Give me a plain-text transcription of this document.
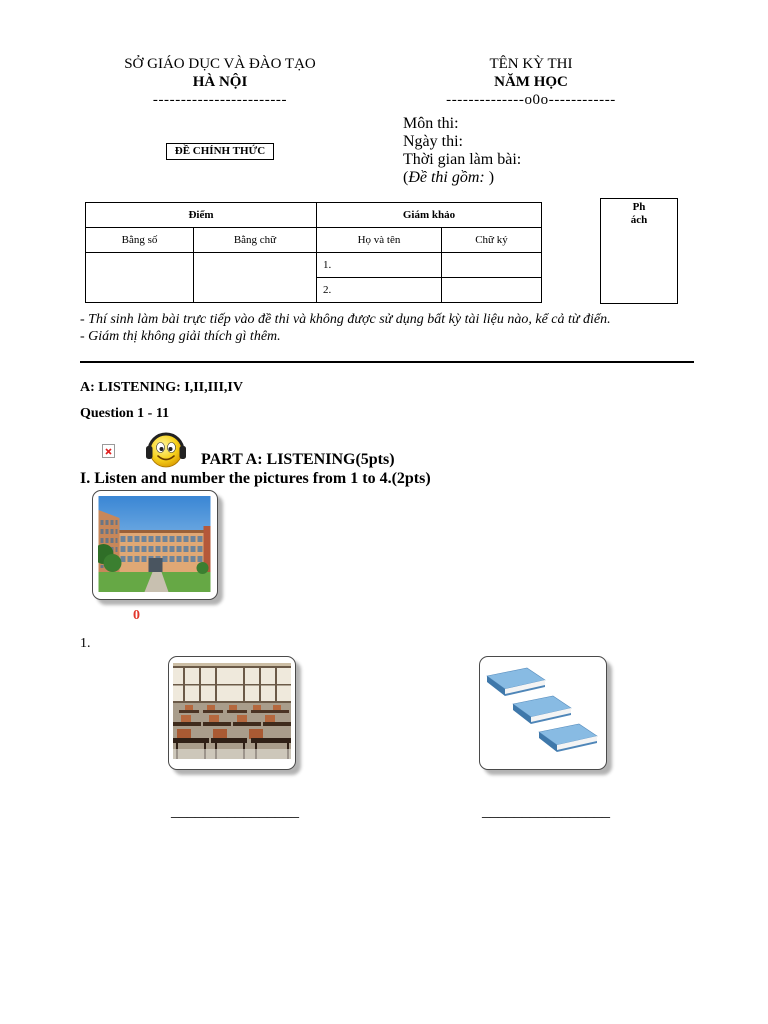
SỞ GIÁO DỤC VÀ ĐÀO TẠO
HÀ NỘI
------------------------
TÊN KỲ THI
NĂM HỌC
--------------o0o------------
ĐỀ CHÍNH THỨC
Môn thi:
Ngày thi:
Thời gian làm bài:
(Đề thi gồm: )
Điểm		Giám khảo	
Bằng số	Bằng chữ	Họ và tên	Chữ ký
		1.	
		2.	
Ph
ách
- Thí sinh làm bài trực tiếp vào đề thi và không được sử dụng bất kỳ tài liệu nào, kể cả từ điển.
- Giám thị không giải thích gì thêm.
A: LISTENING: I,II,III,IV
Question 1 - 11
PART A: LISTENING(5pts)
I. Listen and number the pictures from 1 to 4.(2pts)
0
1.
________________	________________
